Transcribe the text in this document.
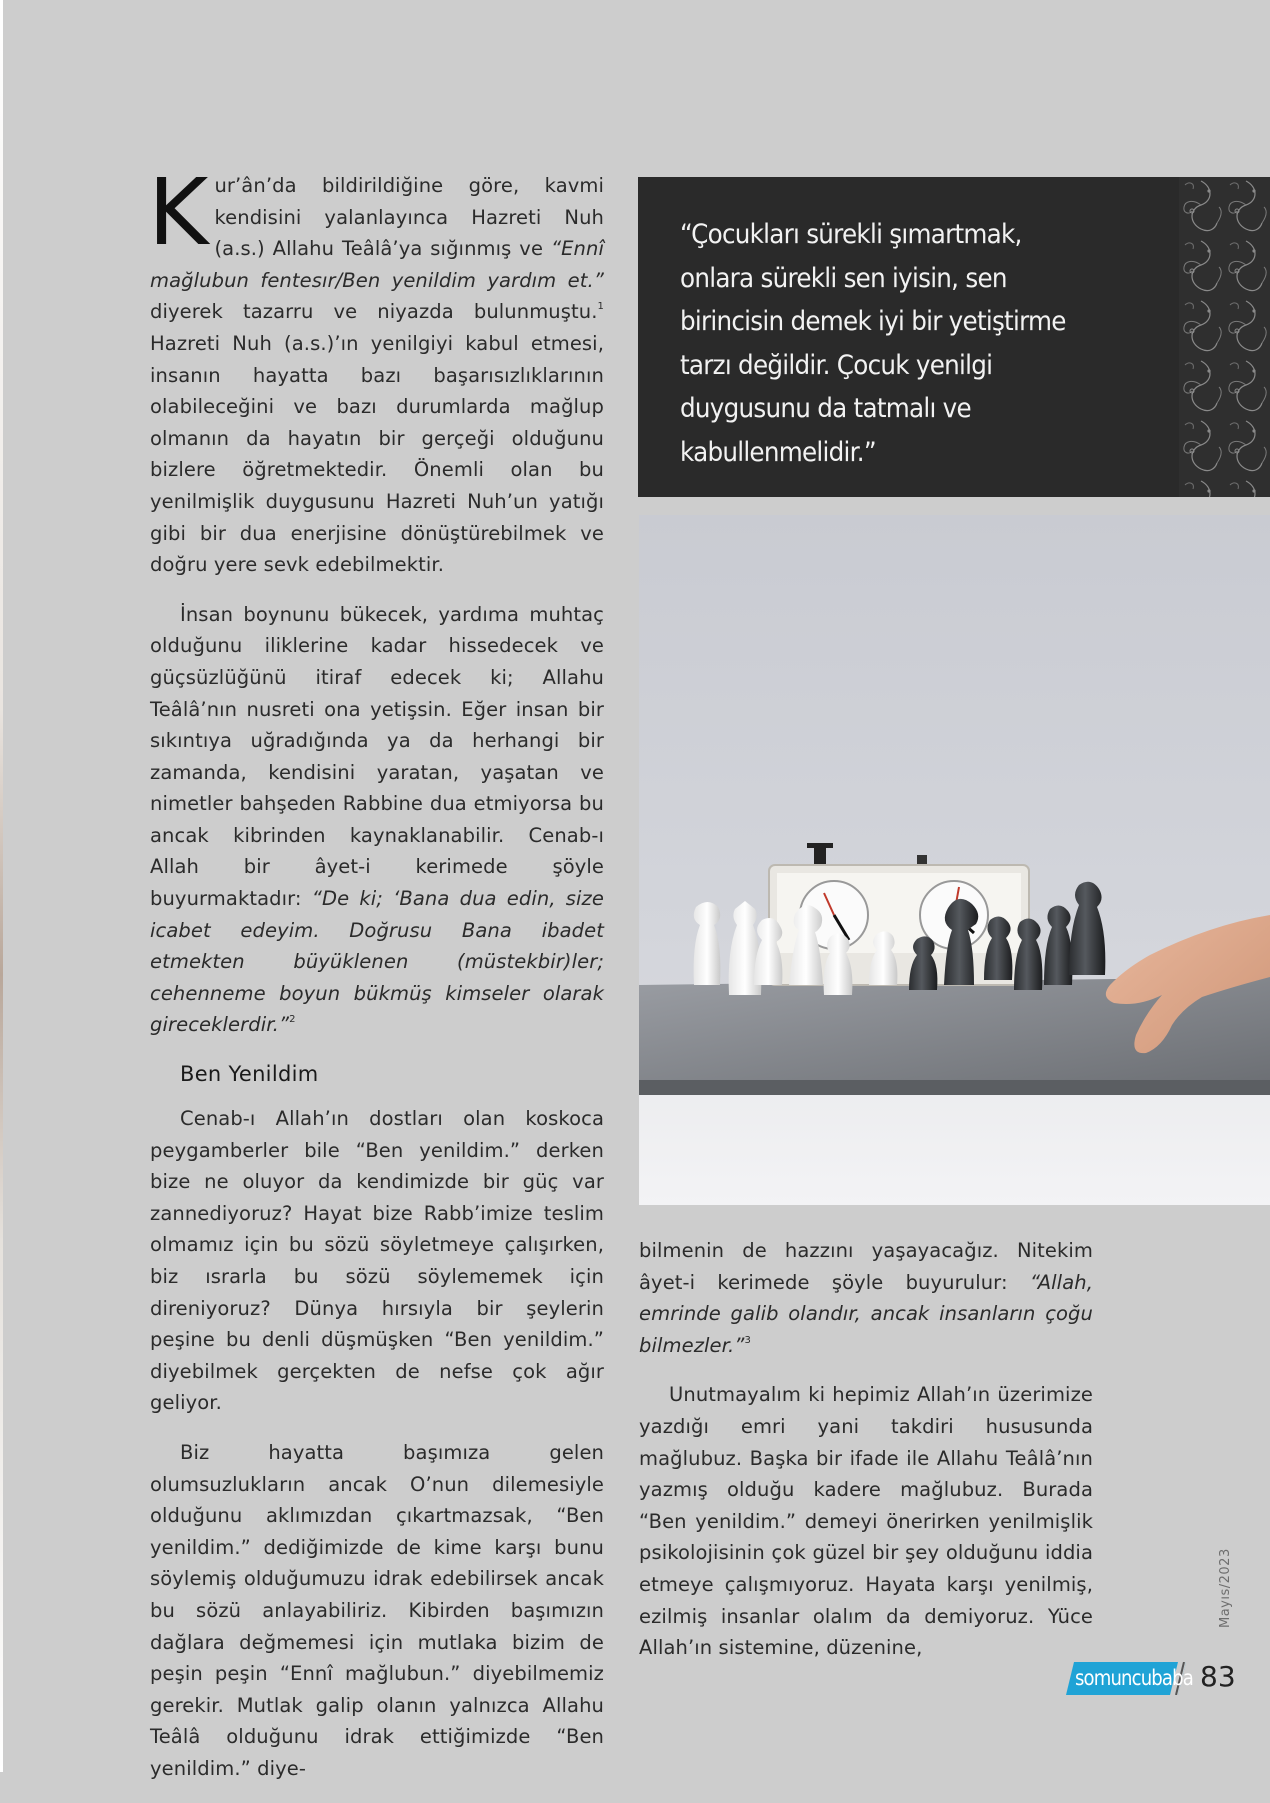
Kur’ân’da bildirildiğine göre, kavmi kendisini yalanlayınca Hazreti Nuh (a.s.) Allahu Teâlâ’ya sığınmış ve “Ennî mağlubun fentesır/Ben yenildim yardım et.” diyerek tazarru ve niyazda bulunmuştu.$^1$ Hazreti Nuh (a.s.)’ın yenilgiyi kabul etmesi, insanın hayatta bazı başarısızlıklarının olabileceğini ve bazı durumlarda mağlup olmanın da hayatın bir gerçeği olduğunu bizlere öğretmektedir. Önemli olan bu yenilmişlik duygusunu Hazreti Nuh’un yatığı gibi bir dua enerjisine dönüştürebilmek ve doğru yere sevk edebilmektir.

İnsan boynunu bükecek, yardıma muhtaç olduğunu iliklerine kadar hissedecek ve güçsüzlüğünü itiraf edecek ki; Allahu Teâlâ’nın nusreti ona yetişsin. Eğer insan bir sıkıntıya uğradığında ya da herhangi bir zamanda, kendisini yaratan, yaşatan ve nimetler bahşeden Rabbine dua etmiyorsa bu ancak kibrinden kaynaklanabilir. Cenab-ı Allah bir âyet-i kerimede şöyle buyurmaktadır: “De ki; ‘Bana dua edin, size icabet edeyim. Doğrusu Bana ibadet etmekten büyüklenen (müstekbir)ler; cehenneme boyun bükmüş kimseler olarak gireceklerdir.”$^2$

Ben Yenildim

Cenab-ı Allah’ın dostları olan koskoca peygamberler bile “Ben yenildim.” derken bize ne oluyor da kendimizde bir güç var zannediyoruz? Hayat bize Rabb’imize teslim olmamız için bu sözü söyletmeye çalışırken, biz ısrarla bu sözü söylememek için direniyoruz? Dünya hırsıyla bir şeylerin peşine bu denli düşmüşken “Ben yenildim.” diyebilmek gerçekten de nefse çok ağır geliyor.

Biz hayatta başımıza gelen olumsuzlukların ancak O’nun dilemesiyle olduğunu aklımızdan çıkartmazsak, “Ben yenildim.” dediğimizde de kime karşı bunu söylemiş olduğumuzu idrak edebilirsek ancak bu sözü anlayabiliriz. Kibirden başımızın dağlara değmemesi için mutlaka bizim de peşin peşin “Ennî mağlubun.” diyebilmemiz gerekir. Mutlak galip olanın yalnızca Allahu Teâlâ olduğunu idrak ettiğimizde “Ben yenildim.” diye-

“Çocukları sürekli şımartmak, onlara sürekli sen iyisin, sen birincisin demek iyi bir yetiştirme tarzı değildir. Çocuk yenilgi duygusunu da tatmalı ve kabullenmelidir.”

bilmenin de hazzını yaşayacağız. Nitekim âyet-i kerimede şöyle buyurulur: “Allah, emrinde galib olandır, ancak insanların çoğu bilmezler.”$^3$

Unutmayalım ki hepimiz Allah’ın üzerimize yazdığı emri yani takdiri hususunda mağlubuz. Başka bir ifade ile Allahu Teâlâ’nın yazmış olduğu kadere mağlubuz. Burada “Ben yenildim.” demeyi önerirken yenilmişlik psikolojisinin çok güzel bir şey olduğunu iddia etmeye çalışmıyoruz. Hayata karşı yenilmiş, ezilmiş insanlar olalım da demiyoruz. Yüce Allah’ın sistemine, düzenine,

Mayıs/2023
somuncubaba 83
